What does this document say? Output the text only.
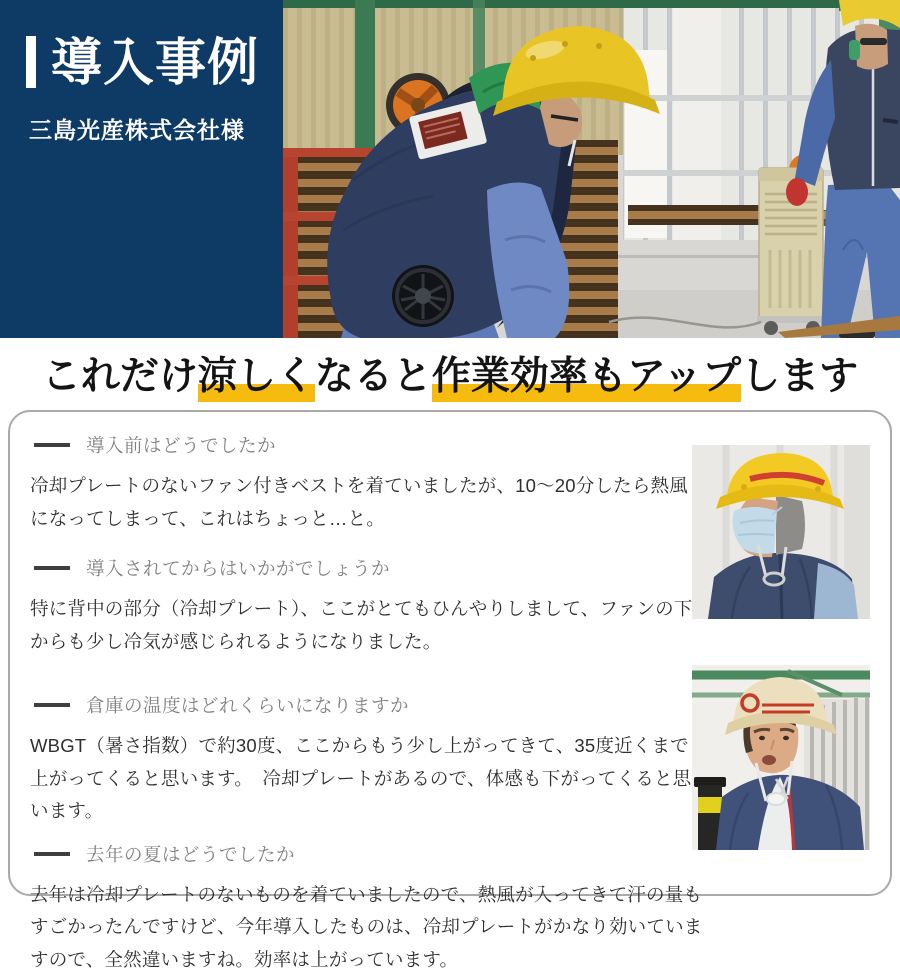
導入事例

三島光産株式会社様

これだけ涼しくなると作業効率もアップします
導入前はどうでしたか

冷却プレートのないファン付きベストを着ていましたが、10～20分したら熱風になってしまって、これはちょっと…と。

導入されてからはいかがでしょうか

特に背中の部分（冷却プレート）、ここがとてもひんやりしまして、ファンの下からも少し冷気が感じられるようになりました。

倉庫の温度はどれくらいになりますか

WBGT（暑さ指数）で約30度、ここからもう少し上がってきて、35度近くまで上がってくると思います。　冷却プレートがあるので、体感も下がってくると思います。

去年の夏はどうでしたか

去年は冷却プレートのないものを着ていましたので、熱風が入ってきて汗の量もすごかったんですけど、今年導入したものは、冷却プレートがかなり効いていますので、全然違いますね。効率は上がっています。
